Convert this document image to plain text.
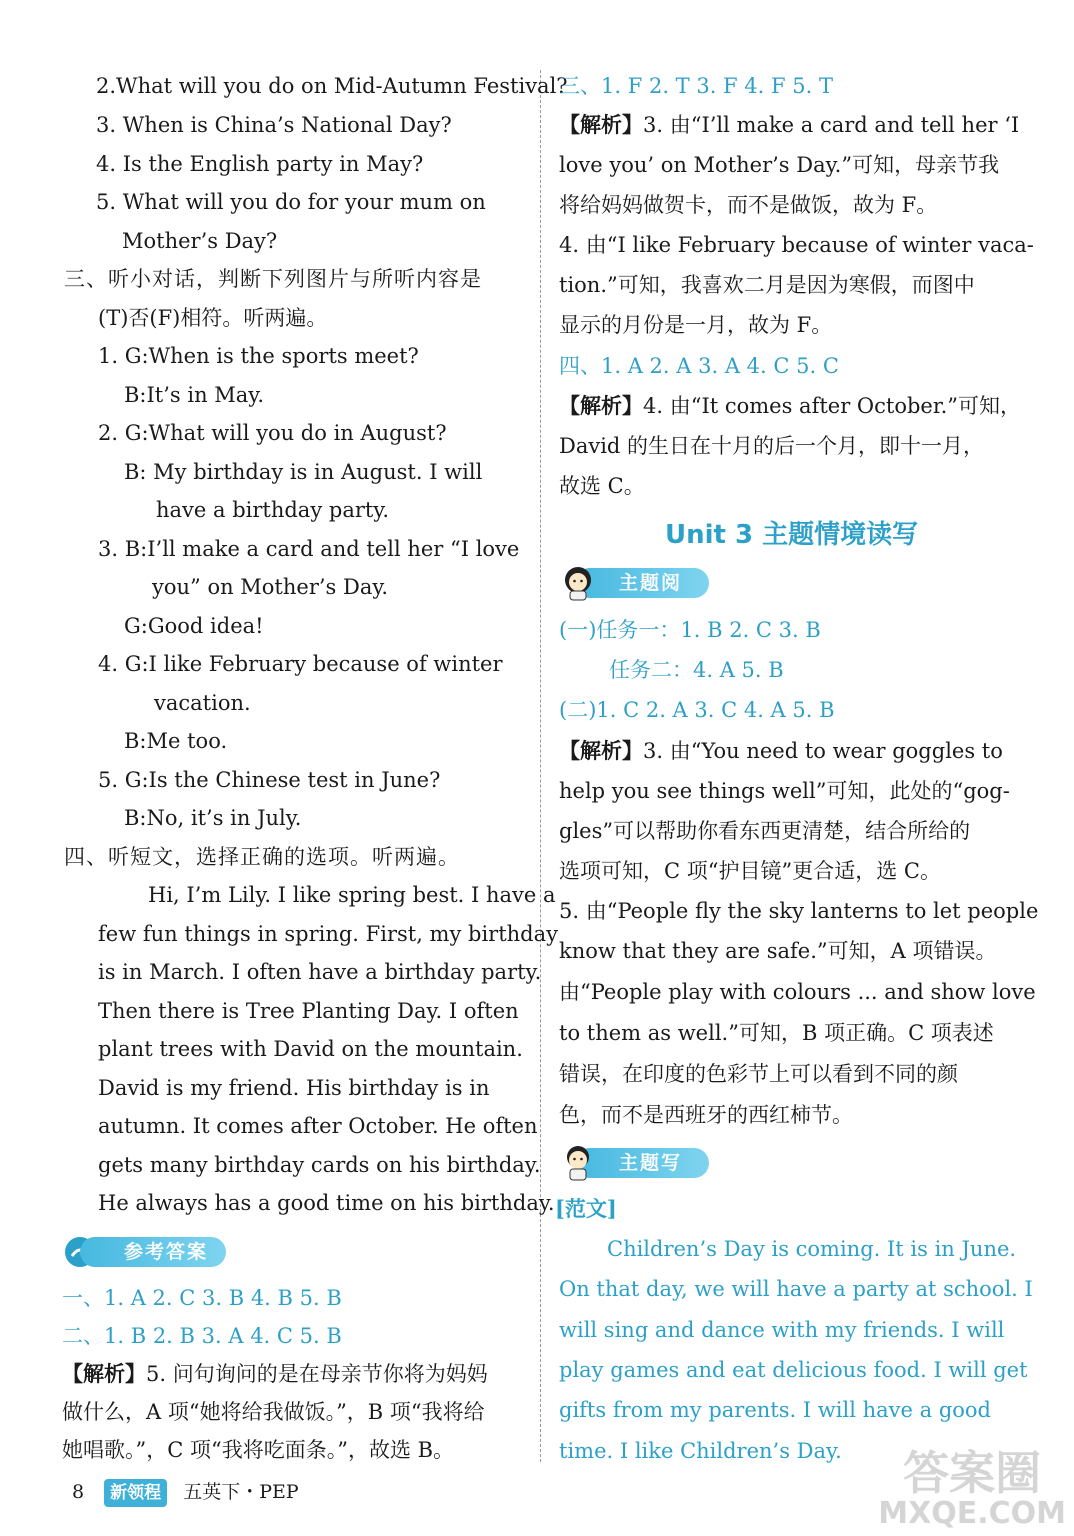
2.What will you do on Mid-Autumn Festival?
3. When is China’s National Day?
4. Is the English party in May?
5. What will you do for your mum on
Mother’s Day?
三、听小对话，判断下列图片与所听内容是
(T)否(F)相符。听两遍。
1. G:When is the sports meet?
B:It’s in May.
2. G:What will you do in August?
B: My birthday is in August. I will
have a birthday party.
3. B:I’ll make a card and tell her “I love
you” on Mother’s Day.
G:Good idea!
4. G:I like February because of winter
vacation.
B:Me too.
5. G:Is the Chinese test in June?
B:No, it’s in July.
四、听短文，选择正确的选项。听两遍。
Hi, I’m Lily. I like spring best. I have a
few fun things in spring. First, my birthday
is in March. I often have a birthday party.
Then there is Tree Planting Day. I often
plant trees with David on the mountain.
David is my friend. His birthday is in
autumn. It comes after October. He often
gets many birthday cards on his birthday.
He always has a good time on his birthday.
参考答案
一、1. A 2. C 3. B 4. B 5. B
二、1. B 2. B 3. A 4. C 5. B
【解析】5. 问句询问的是在母亲节你将为妈妈
做什么，A 项“她将给我做饭。”，B 项“我将给
她唱歌。”，C 项“我将吃面条。”，故选 B。
三、1. F 2. T 3. F 4. F 5. T
【解析】3. 由“I’ll make a card and tell her ‘I
love you’ on Mother’s Day.”可知，母亲节我
将给妈妈做贺卡，而不是做饭，故为 F。
4. 由“I like February because of winter vaca-
tion.”可知，我喜欢二月是因为寒假，而图中
显示的月份是一月，故为 F。
四、1. A 2. A 3. A 4. C 5. C
【解析】4. 由“It comes after October.”可知，
David 的生日在十月的后一个月，即十一月，
故选 C。
Unit 3 主题情境读写
主题阅读
(一)任务一：1. B 2. C 3. B
任务二：4. A 5. B
(二)1. C 2. A 3. C 4. A 5. B
【解析】3. 由“You need to wear goggles to
help you see things well”可知，此处的“gog-
gles”可以帮助你看东西更清楚，结合所给的
选项可知，C 项“护目镜”更合适，选 C。
5. 由“People fly the sky lanterns to let people
know that they are safe.”可知，A 项错误。
由“People play with colours ... and show love
to them as well.”可知，B 项正确。C 项表述
错误，在印度的色彩节上可以看到不同的颜
色，而不是西班牙的西红柿节。
主题写作
[范文]
Children’s Day is coming. It is in June.
On that day, we will have a party at school. I
will sing and dance with my friends. I will
play games and eat delicious food. I will get
gifts from my parents. I will have a good
time. I like Children’s Day.
8 新领程 五英下・PEP	答案圈
MXQE.COM
